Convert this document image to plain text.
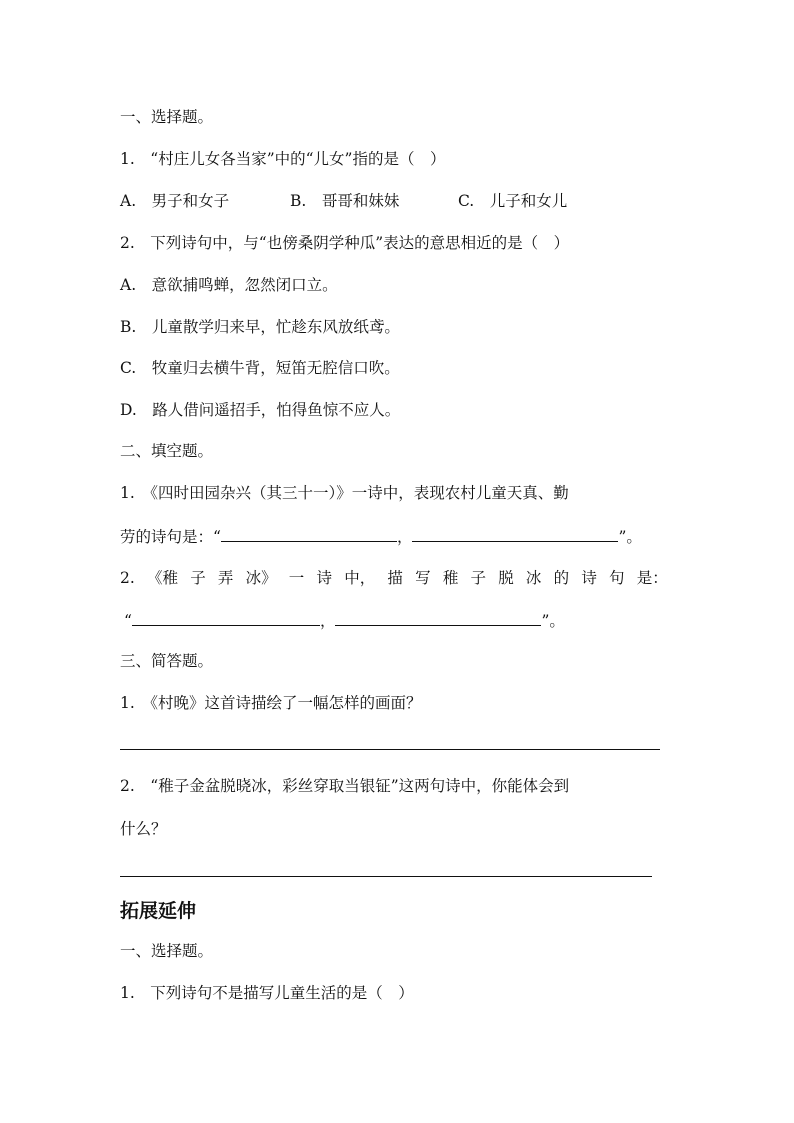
一、选择题。
1.　“村庄儿女各当家”中的“儿女”指的是（　）
A.　男子和女子	B.　哥哥和妹妹	C.　儿子和女儿
2.　下列诗句中，与“也傍桑阴学种瓜”表达的意思相近的是（　）
A.　意欲捕鸣蝉，忽然闭口立。
B.　儿童散学归来早，忙趁东风放纸鸢。
C.　牧童归去横牛背，短笛无腔信口吹。
D.　路人借问遥招手，怕得鱼惊不应人。
二、填空题。
1.　《四时田园杂兴（其三十一）》一诗中，表现农村儿童天真、勤
劳的诗句是：“	，	”。
2. 《稚 子 弄 冰》 一 诗 中， 描 写 稚 子 脱 冰 的 诗 句 是：
“	，	”。
三、简答题。
1.　《村晚》这首诗描绘了一幅怎样的画面？
2.　“稚子金盆脱晓冰，彩丝穿取当银钲”这两句诗中，你能体会到
什么？
拓展延伸
一、选择题。
1.　下列诗句不是描写儿童生活的是（　）
